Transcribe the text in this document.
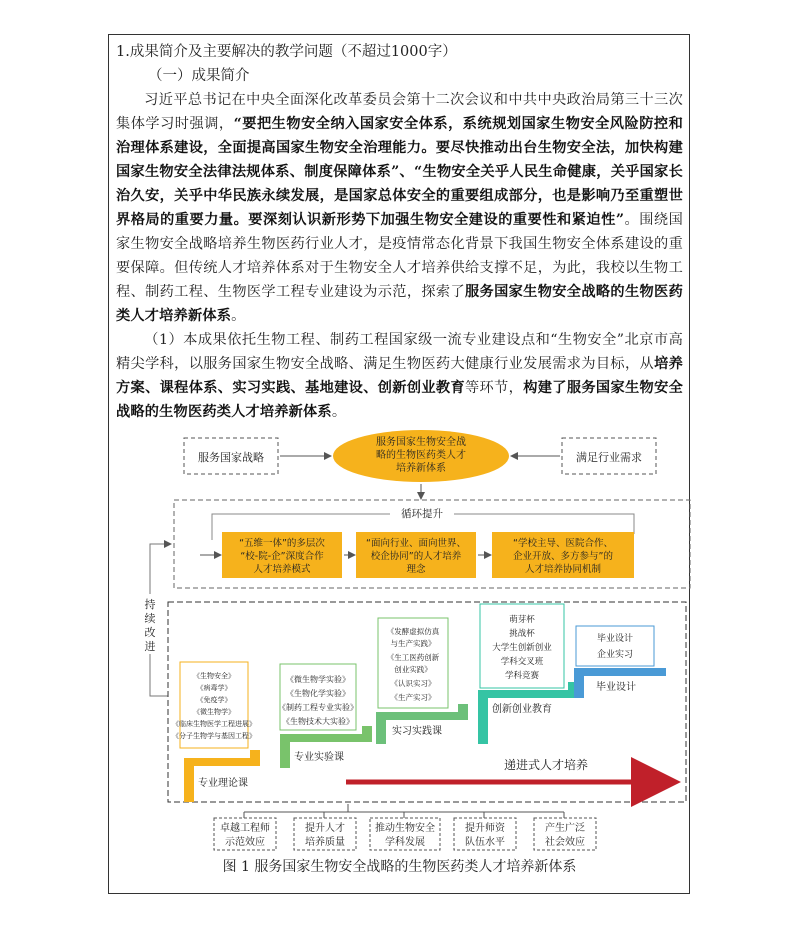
1.成果简介及主要解决的教学问题（不超过1000字）
（一）成果简介
习近平总书记在中央全面深化改革委员会第十二次会议和中共中央政治局第三十三次集体学习时强调，“要把生物安全纳入国家安全体系，系统规划国家生物安全风险防控和治理体系建设，全面提高国家生物安全治理能力。要尽快推动出台生物安全法，加快构建国家生物安全法律法规体系、制度保障体系”、“生物安全关乎人民生命健康，关乎国家长治久安，关乎中华民族永续发展，是国家总体安全的重要组成部分，也是影响乃至重塑世界格局的重要力量。要深刻认识新形势下加强生物安全建设的重要性和紧迫性”。围绕国家生物安全战略培养生物医药行业人才，是疫情常态化背景下我国生物安全体系建设的重要保障。但传统人才培养体系对于生物安全人才培养供给支撑不足，为此，我校以生物工程、制药工程、生物医学工程专业建设为示范，探索了服务国家生物安全战略的生物医药类人才培养新体系。
（1）本成果依托生物工程、制药工程国家级一流专业建设点和“生物安全”北京市高精尖学科，以服务国家生物安全战略、满足生物医药大健康行业发展需求为目标，从培养方案、课程体系、实习实践、基地建设、创新创业教育等环节，构建了服务国家生物安全战略的生物医药类人才培养新体系。
服务国家战略	满足行业需求
服务国家生物安全战
略的生物医药类人才
培养新体系
循环提升
“五维一体”的多层次
“校-院-企”深度合作
人才培养模式
“面向行业、面向世界、
校企协同”的人才培养
理念
“学校主导、医院合作、
企业开放、多方参与”的
人才培养协同机制
持
续
改
进
《生物安全》
《病毒学》
《免疫学》
《微生物学》
《临床生物医学工程进展》
《分子生物学与基因工程》
专业理论课
《微生物学实验》
《生物化学实验》
《制药工程专业实验》
《生物技术大实验》
专业实验课
《发酵虚拟仿真
与生产实践》
《生工医药创新
创业实践》
《认识实习》
《生产实习》
实习实践课
萌芽杯
挑战杯
大学生创新创业
学科交叉班
学科竞赛
创新创业教育
毕业设计
企业实习
毕业设计
递进式人才培养
卓越工程师
示范效应
提升人才
培养质量
推动生物安全
学科发展
提升师资
队伍水平
产生广泛
社会效应
图 1 服务国家生物安全战略的生物医药类人才培养新体系
